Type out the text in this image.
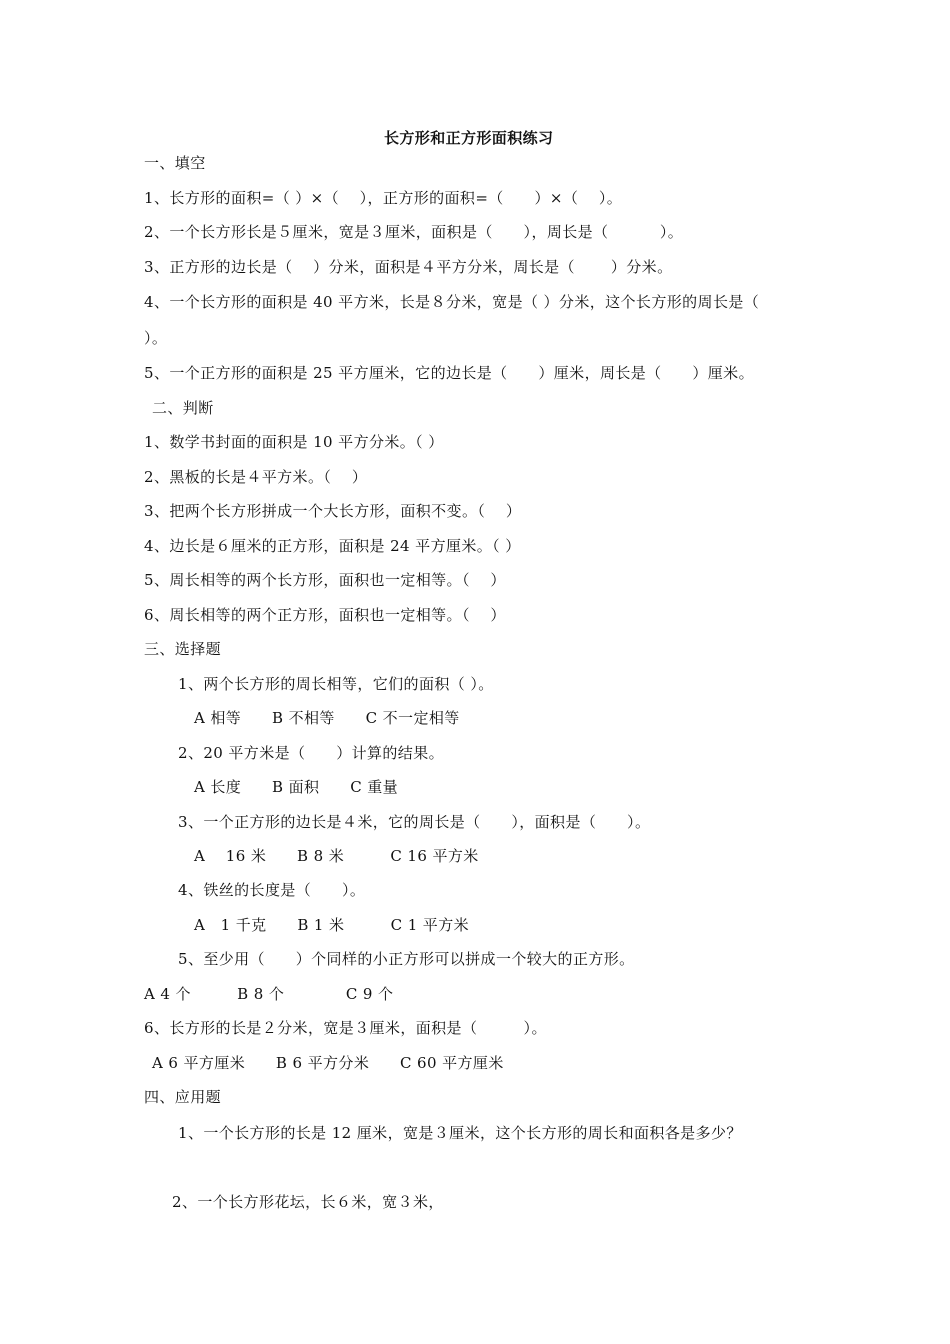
长方形和正方形面积练习
一、填空
1、长方形的面积=（ ）×（　 ），正方形的面积=（　　）×（　 ）。
2、一个长方形长是５厘米，宽是３厘米，面积是（　　），周长是（　　　 ）。
3、正方形的边长是（　 ）分米，面积是４平方分米，周长是（　　 ）分米。
4、一个长方形的面积是 40 平方米，长是８分米，宽是（ ）分米，这个长方形的周长是（
）。
5、一个正方形的面积是 25 平方厘米，它的边长是（　　）厘米，周长是（　　）厘米。
二、判断
1、数学书封面的面积是 10 平方分米。（ ）
2、黑板的长是４平方米。（　 ）
3、把两个长方形拼成一个大长方形，面积不变。（　 ）
4、边长是６厘米的正方形，面积是 24 平方厘米。（ ）
5、周长相等的两个长方形，面积也一定相等。（　 ）
6、周长相等的两个正方形，面积也一定相等。（　 ）
三、选择题
1、两个长方形的周长相等，它们的面积（ ）。
A 相等　　B 不相等　　C 不一定相等
2、20 平方米是（　　）计算的结果。
A 长度　　B 面积　　C 重量
3、一个正方形的边长是４米，它的周长是（　　），面积是（　　）。
A　 16 米　　B 8 米　　　C 16 平方米
4、铁丝的长度是（　　）。
A　1 千克　　B 1 米　　　C 1 平方米
5、至少用（　　）个同样的小正方形可以拼成一个较大的正方形。
A 4 个　　　B 8 个　　　　C 9 个
6、长方形的长是２分米，宽是３厘米，面积是（　　　）。
A 6 平方厘米　　B 6 平方分米　　C 60 平方厘米
四、应用题
1、一个长方形的长是 12 厘米，宽是３厘米，这个长方形的周长和面积各是多少？
2、一个长方形花坛，长６米，宽３米，
